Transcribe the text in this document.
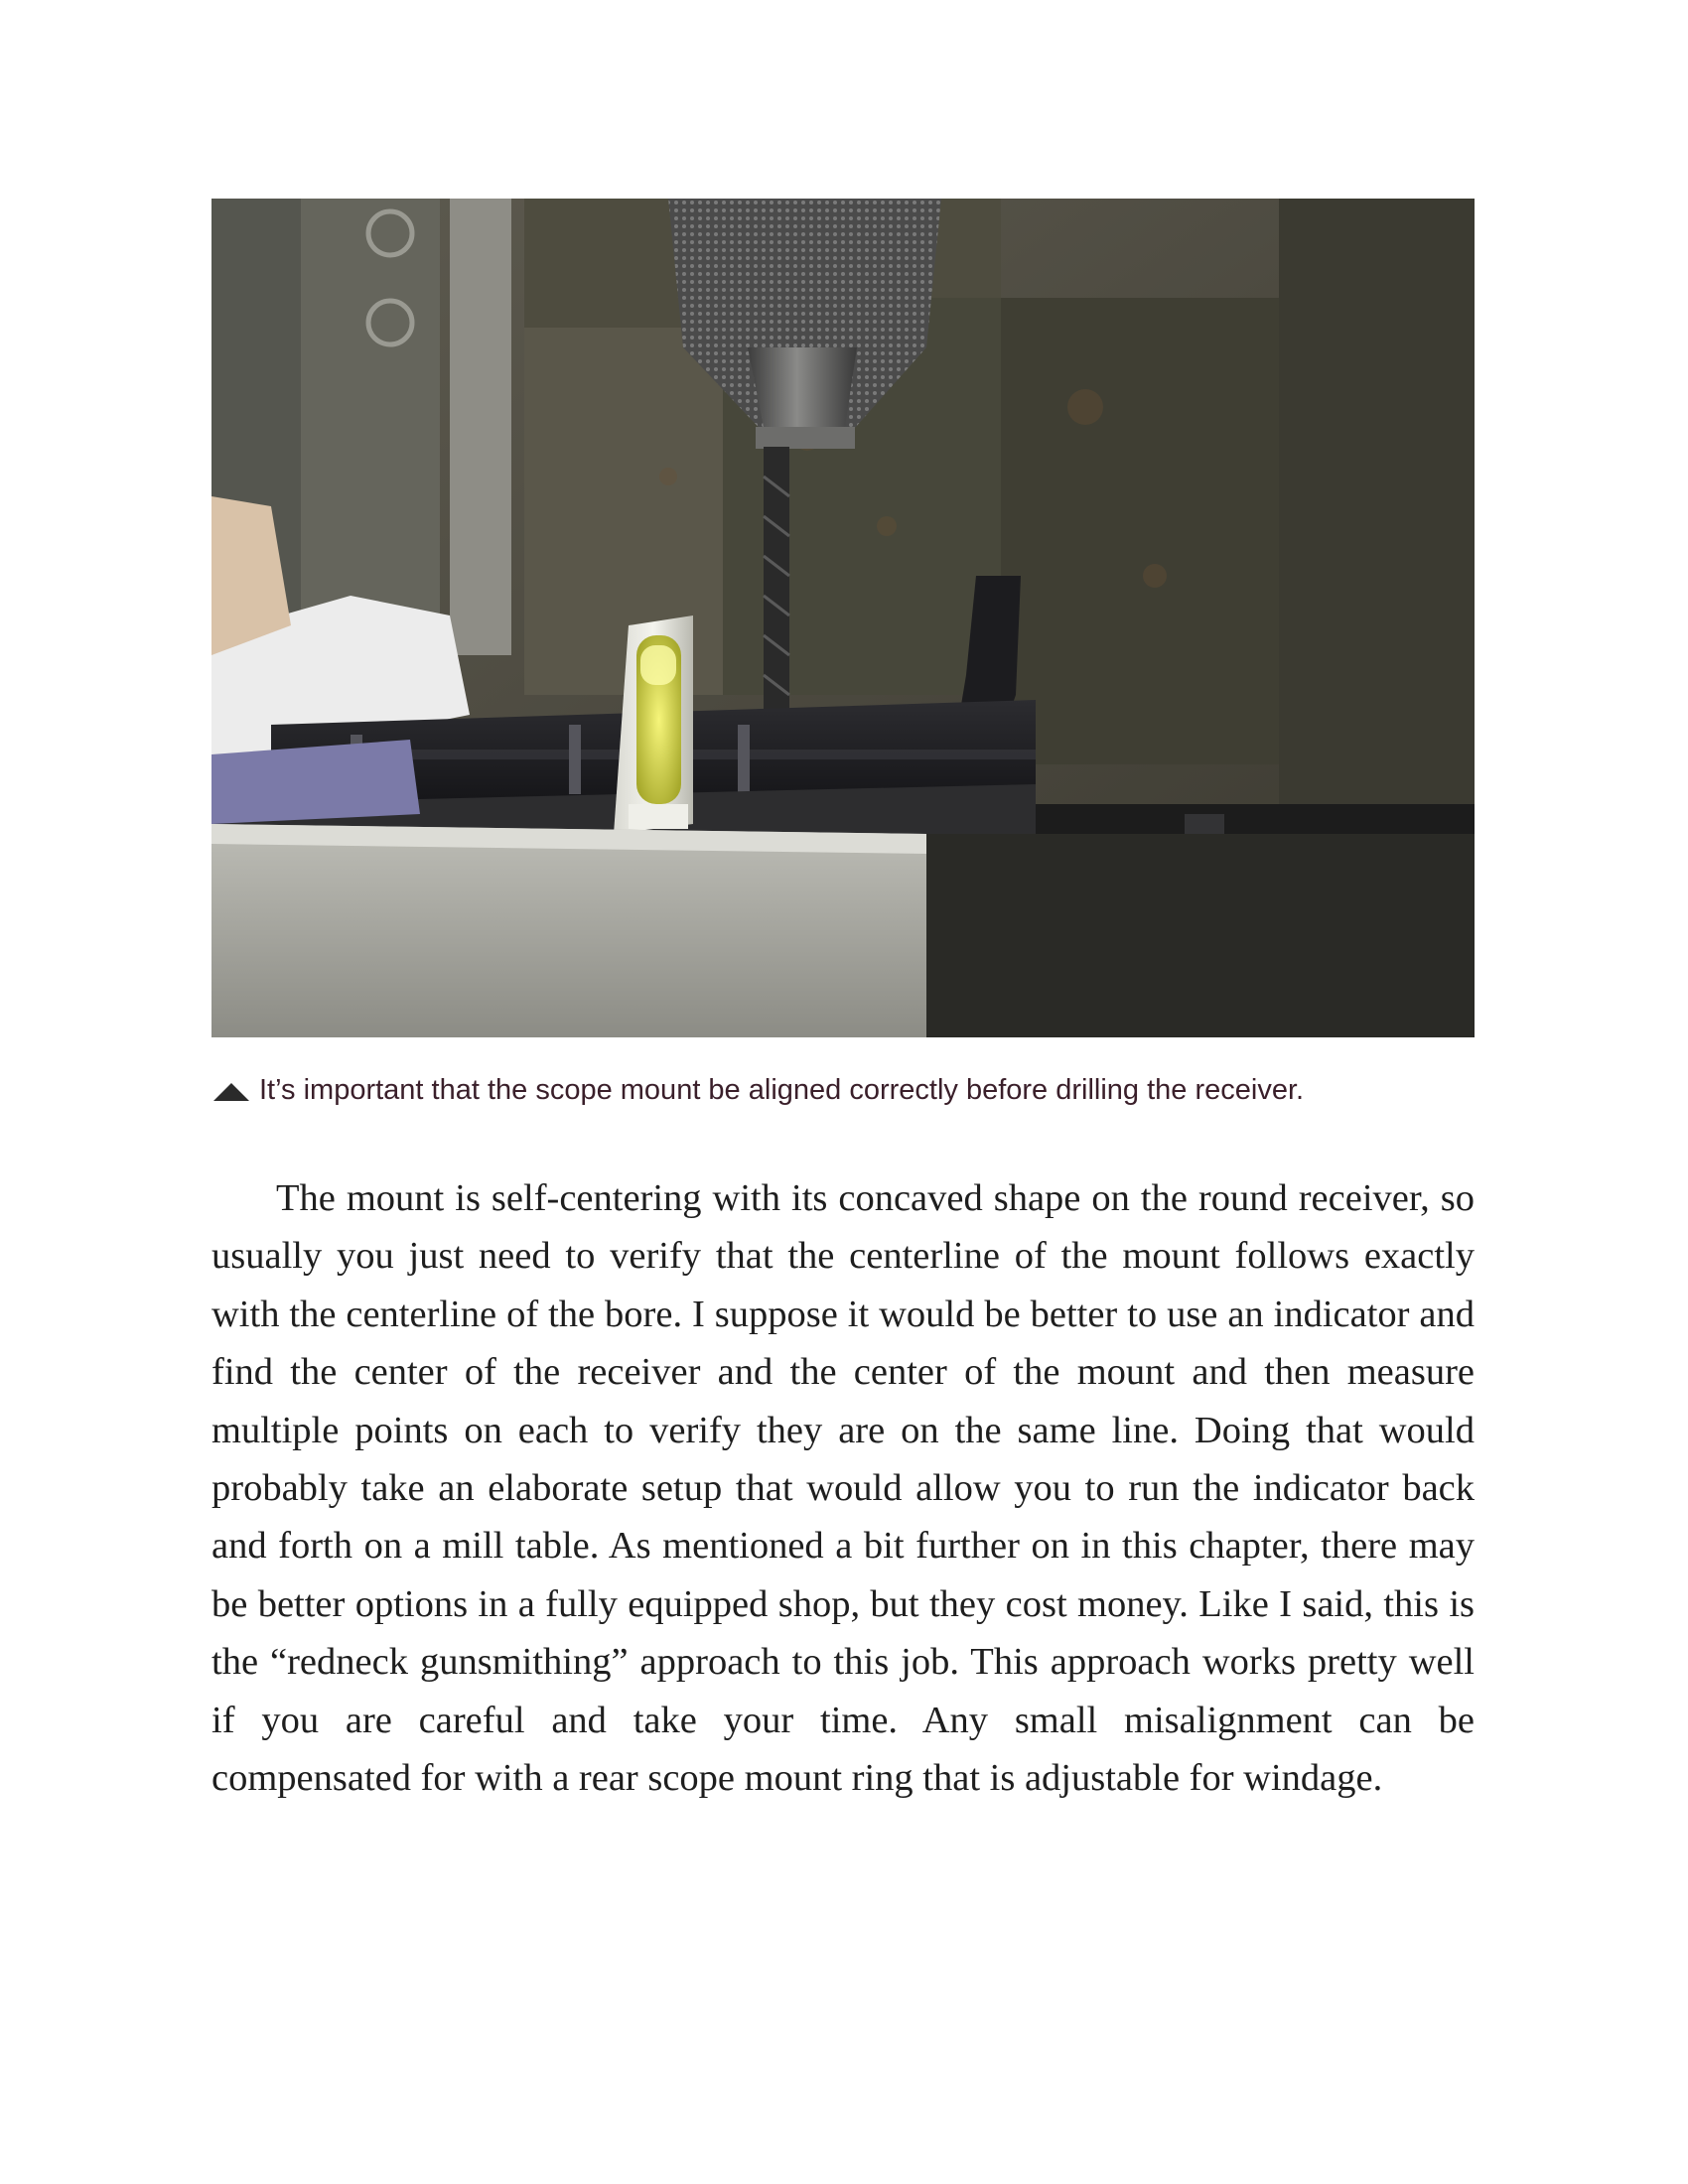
It’s important that the scope mount be aligned correctly before drilling the receiver.

The mount is self-centering with its concaved shape on the round receiver, so usually you just need to verify that the centerline of the mount follows exactly with the centerline of the bore. I suppose it would be better to use an indicator and find the center of the receiver and the center of the mount and then measure multiple points on each to verify they are on the same line. Doing that would probably take an elaborate setup that would allow you to run the indicator back and forth on a mill table. As mentioned a bit further on in this chapter, there may be better options in a fully equipped shop, but they cost money. Like I said, this is the “redneck gunsmithing” approach to this job. This approach works pretty well if you are careful and take your time. Any small misalignment can be compensated for with a rear scope mount ring that is adjustable for windage.
